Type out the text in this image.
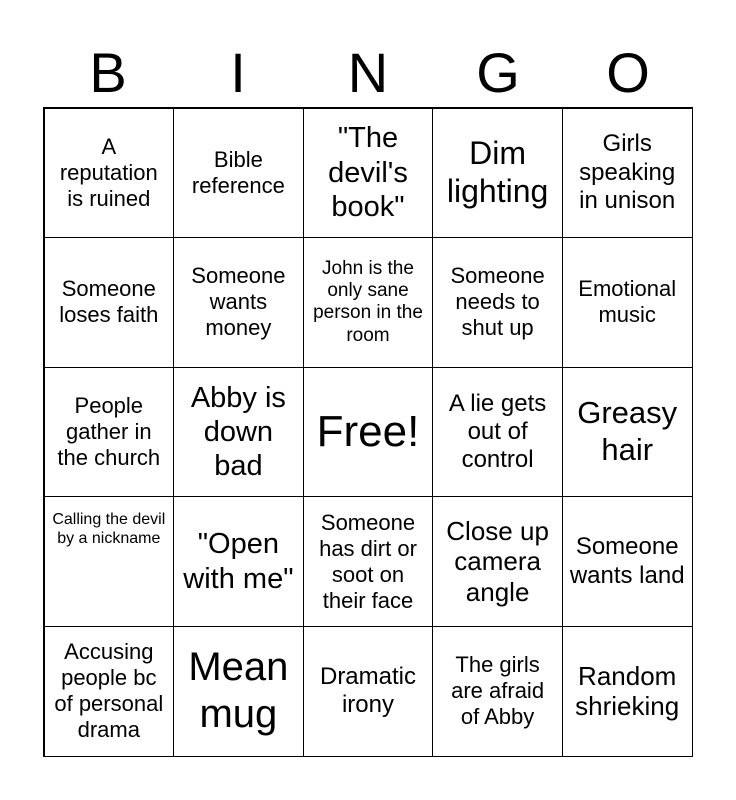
B	I	N	G	O
A reputation is ruined
Bible reference
"The devil's book"
Dim lighting
Girls speaking in unison
Someone loses faith
Someone wants money
John is the only sane person in the room
Someone needs to shut up
Emotional music
People gather in the church
Abby is down bad
Free!
A lie gets out of control
Greasy hair
Calling the devil by a nickname	"Open with me"
Someone has dirt or soot on their face
Close up camera angle
Someone wants land
Accusing people bc of personal drama
Mean mug
Dramatic irony
The girls are afraid of Abby
Random shrieking
